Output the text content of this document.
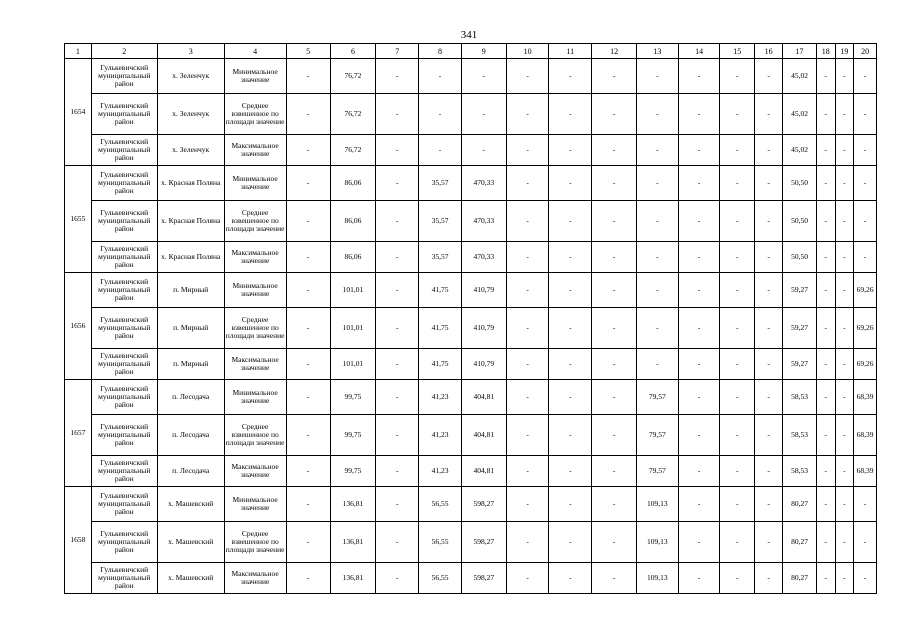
341
1	2	3	4	5	6	7	8	9	10	11	12	13	14	15	16	17	18	19	20
1654	Гулькевичский муниципальный район	х. Зеленчук	Минимальное значение	-	76,72	-	-	-	-	-	-	-	-	-	-	45,02	-	-	-
	Гулькевичский муниципальный район	х. Зеленчук	Среднее взвешенное по площади значение	-	76,72	-	-	-	-	-	-	-	-	-	-	45,02	-	-	-
	Гулькевичский муниципальный район	х. Зеленчук	Максимальное значение	-	76,72	-	-	-	-	-	-	-	-	-	-	45,02	-	-	-
1655	Гулькевичский муниципальный район	х. Красная Поляна	Минимальное значение	-	86,06	-	35,57	470,33	-	-	-	-	-	-	-	50,50	-	-	-
	Гулькевичский муниципальный район	х. Красная Поляна	Среднее взвешенное по площади значение	-	86,06	-	35,57	470,33	-	-	-	-	-	-	-	50,50	-	-	-
	Гулькевичский муниципальный район	х. Красная Поляна	Максимальное значение	-	86,06	-	35,57	470,33	-	-	-	-	-	-	-	50,50	-	-	-
1656	Гулькевичский муниципальный район	п. Мирный	Минимальное значение	-	101,01	-	41,75	410,79	-	-	-	-	-	-	-	59,27	-	-	69,26
	Гулькевичский муниципальный район	п. Мирный	Среднее взвешенное по площади значение	-	101,01	-	41,75	410,79	-	-	-	-	-	-	-	59,27	-	-	69,26
	Гулькевичский муниципальный район	п. Мирный	Максимальное значение	-	101,01	-	41,75	410,79	-	-	-	-	-	-	-	59,27	-	-	69,26
1657	Гулькевичский муниципальный район	п. Лесодача	Минимальное значение	-	99,75	-	41,23	404,81	-	-	-	79,57	-	-	-	58,53	-	-	68,39
	Гулькевичский муниципальный район	п. Лесодача	Среднее взвешенное по площади значение	-	99,75	-	41,23	404,81	-	-	-	79,57	-	-	-	58,53	-	-	68,39
	Гулькевичский муниципальный район	п. Лесодача	Максимальное значение	-	99,75	-	41,23	404,81	-	-	-	79,57	-	-	-	58,53	-	-	68,39
1658	Гулькевичский муниципальный район	х. Машевский	Минимальное значение	-	136,81	-	56,55	598,27	-	-	-	109,13	-	-	-	80,27	-	-	-
	Гулькевичский муниципальный район	х. Машевский	Среднее взвешенное по площади значение	-	136,81	-	56,55	598,27	-	-	-	109,13	-	-	-	80,27	-	-	-
	Гулькевичский муниципальный район	х. Машевский	Максимальное значение	-	136,81	-	56,55	598,27	-	-	-	109,13	-	-	-	80,27	-	-	-
